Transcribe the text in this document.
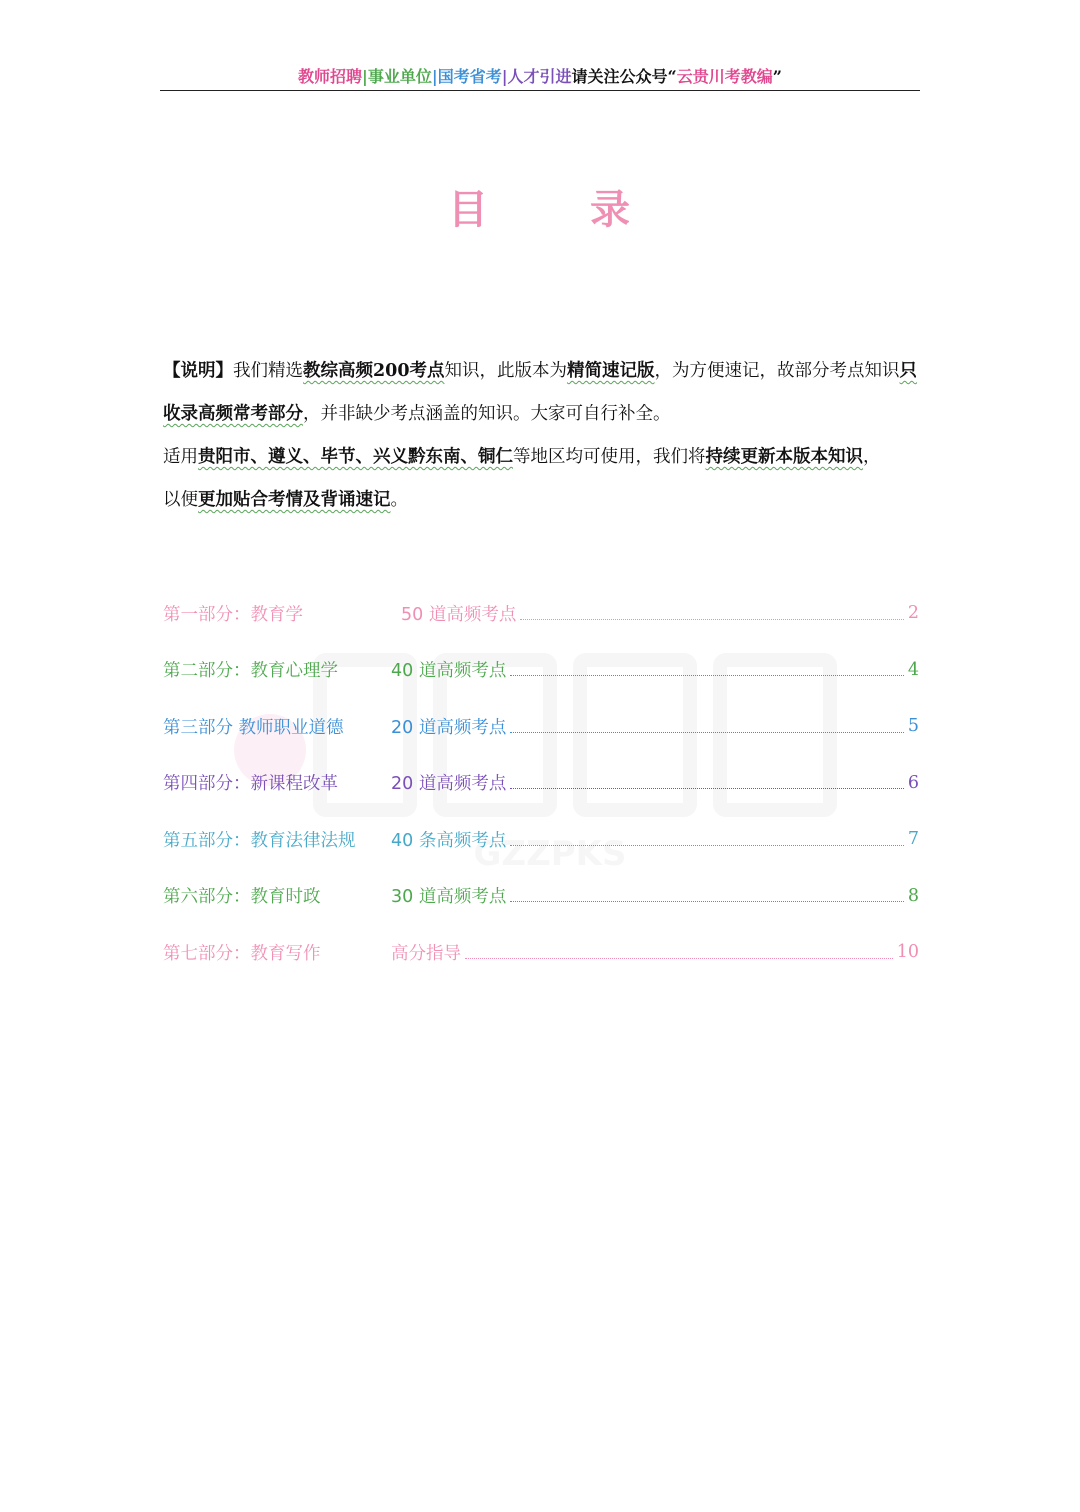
教师招聘|事业单位|国考省考|人才引进请关注公众号“云贵川考教编”
GZZPKS
目	录

【说明】我们精选教综高频200考点知识，此版本为精简速记版，为方便速记，故部分考点知识只收录高频常考部分，并非缺少考点涵盖的知识。大家可自行补全。

适用贵阳市、遵义、毕节、兴义黔东南、铜仁等地区均可使用，我们将持续更新本版本知识，

以便更加贴合考情及背诵速记。

第一部分：教育学	50 道高频考点	2
第二部分：教育心理学	40 道高频考点	4
第三部分 教师职业道德	20 道高频考点	5
第四部分：新课程改革	20 道高频考点	6
第五部分：教育法律法规	40 条高频考点	7
第六部分：教育时政	30 道高频考点	8
第七部分：教育写作	高分指导	10
